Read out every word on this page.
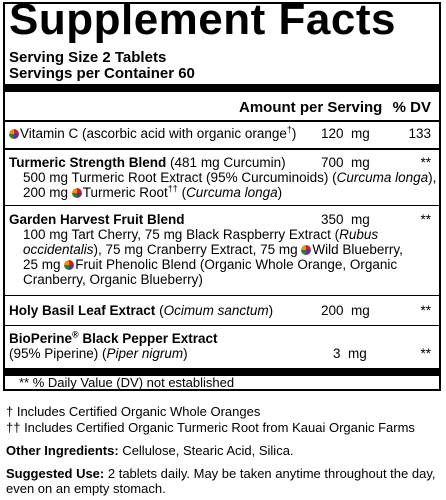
Supplement Facts
Serving Size 2 Tablets
Servings per Container 60
Amount per Serving % DV
Vitamin C (ascorbic acid with organic orange†)	120 mg	133
Turmeric Strength Blend (481 mg Curcumin)
500 mg Turmeric Root Extract (95% Curcuminoids) (Curcuma longa),
200 mg Turmeric Root†† (Curcuma longa)
700 mg	**
Garden Harvest Fruit Blend
100 mg Tart Cherry, 75 mg Black Raspberry Extract (Rubus
occidentalis), 75 mg Cranberry Extract, 75 mg Wild Blueberry,
25 mg Fruit Phenolic Blend (Organic Whole Orange, Organic
Cranberry, Organic Blueberry)
350 mg	**
Holy Basil Leaf Extract (Ocimum sanctum)	200 mg	**
BioPerine® Black Pepper Extract
(95% Piperine) (Piper nigrum)	3 mg	**
** % Daily Value (DV) not established
† Includes Certified Organic Whole Oranges
†† Includes Certified Organic Turmeric Root from Kauai Organic Farms
Other Ingredients: Cellulose, Stearic Acid, Silica.
Suggested Use: 2 tablets daily. May be taken anytime throughout the day,
even on an empty stomach.
